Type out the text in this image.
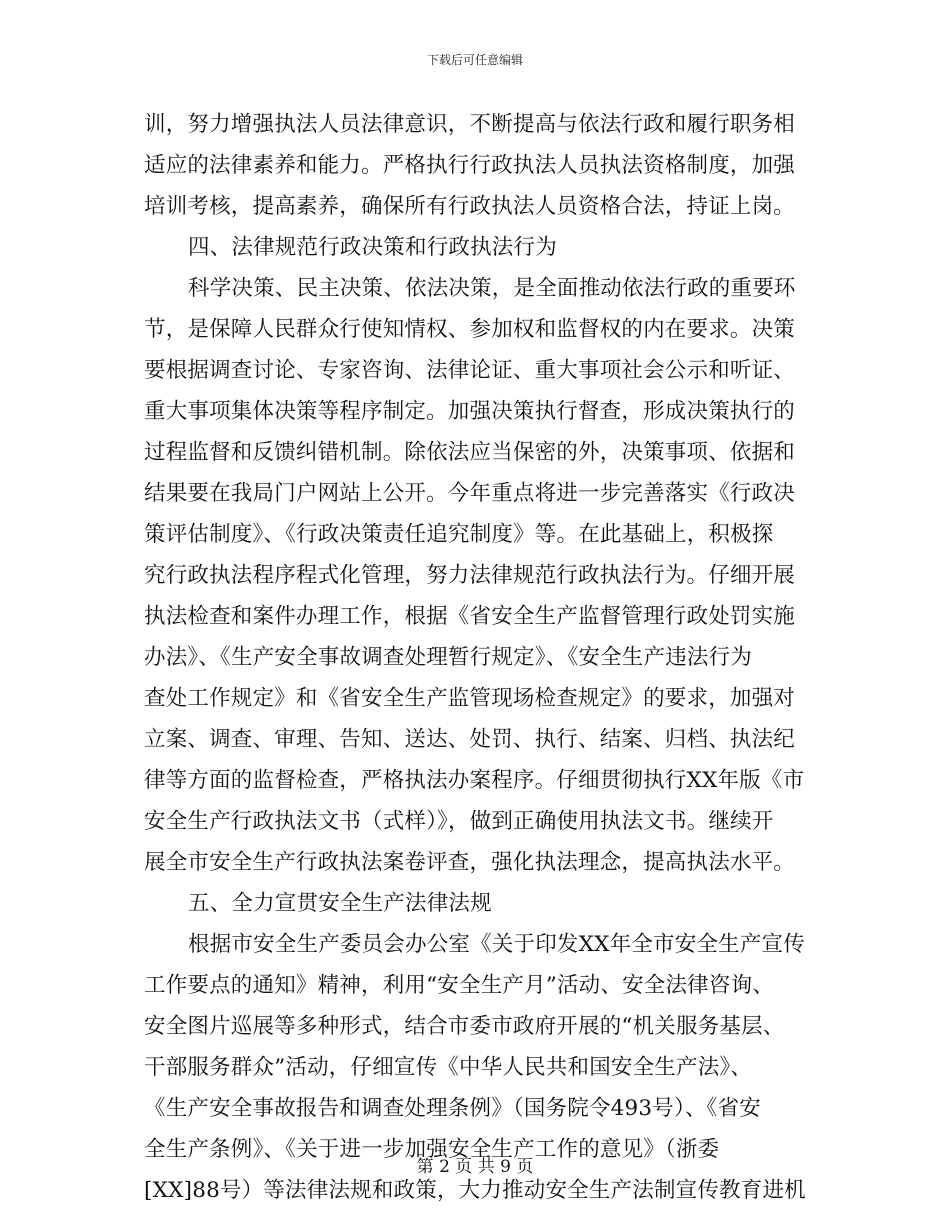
下载后可任意编辑
训，努力增强执法人员法律意识，不断提高与依法行政和履行职务相
适应的法律素养和能力。严格执行行政执法人员执法资格制度，加强
培训考核，提高素养，确保所有行政执法人员资格合法，持证上岗。
四、法律规范行政决策和行政执法行为
科学决策、民主决策、依法决策，是全面推动依法行政的重要环
节，是保障人民群众行使知情权、参加权和监督权的内在要求。决策
要根据调查讨论、专家咨询、法律论证、重大事项社会公示和听证、
重大事项集体决策等程序制定。加强决策执行督查，形成决策执行的
过程监督和反馈纠错机制。除依法应当保密的外，决策事项、依据和
结果要在我局门户网站上公开。今年重点将进一步完善落实《行政决
策评估制度》、《行政决策责任追究制度》等。在此基础上，积极探
究行政执法程序程式化管理，努力法律规范行政执法行为。仔细开展
执法检查和案件办理工作，根据《省安全生产监督管理行政处罚实施
办法》、《生产安全事故调查处理暂行规定》、《安全生产违法行为
查处工作规定》和《省安全生产监管现场检查规定》的要求，加强对
立案、调查、审理、告知、送达、处罚、执行、结案、归档、执法纪
律等方面的监督检查，严格执法办案程序。仔细贯彻执行XX年版《市
安全生产行政执法文书（式样）》，做到正确使用执法文书。继续开
展全市安全生产行政执法案卷评查，强化执法理念，提高执法水平。
五、全力宣贯安全生产法律法规
根据市安全生产委员会办公室《关于印发XX年全市安全生产宣传
工作要点的通知》精神，利用“安全生产月”活动、安全法律咨询、
安全图片巡展等多种形式，结合市委市政府开展的“机关服务基层、
干部服务群众”活动，仔细宣传《中华人民共和国安全生产法》、
《生产安全事故报告和调查处理条例》（国务院令493号）、《省安
全生产条例》、《关于进一步加强安全生产工作的意见》（浙委
[XX]88号）等法律法规和政策，大力推动安全生产法制宣传教育进机
第 2 页 共 9 页
